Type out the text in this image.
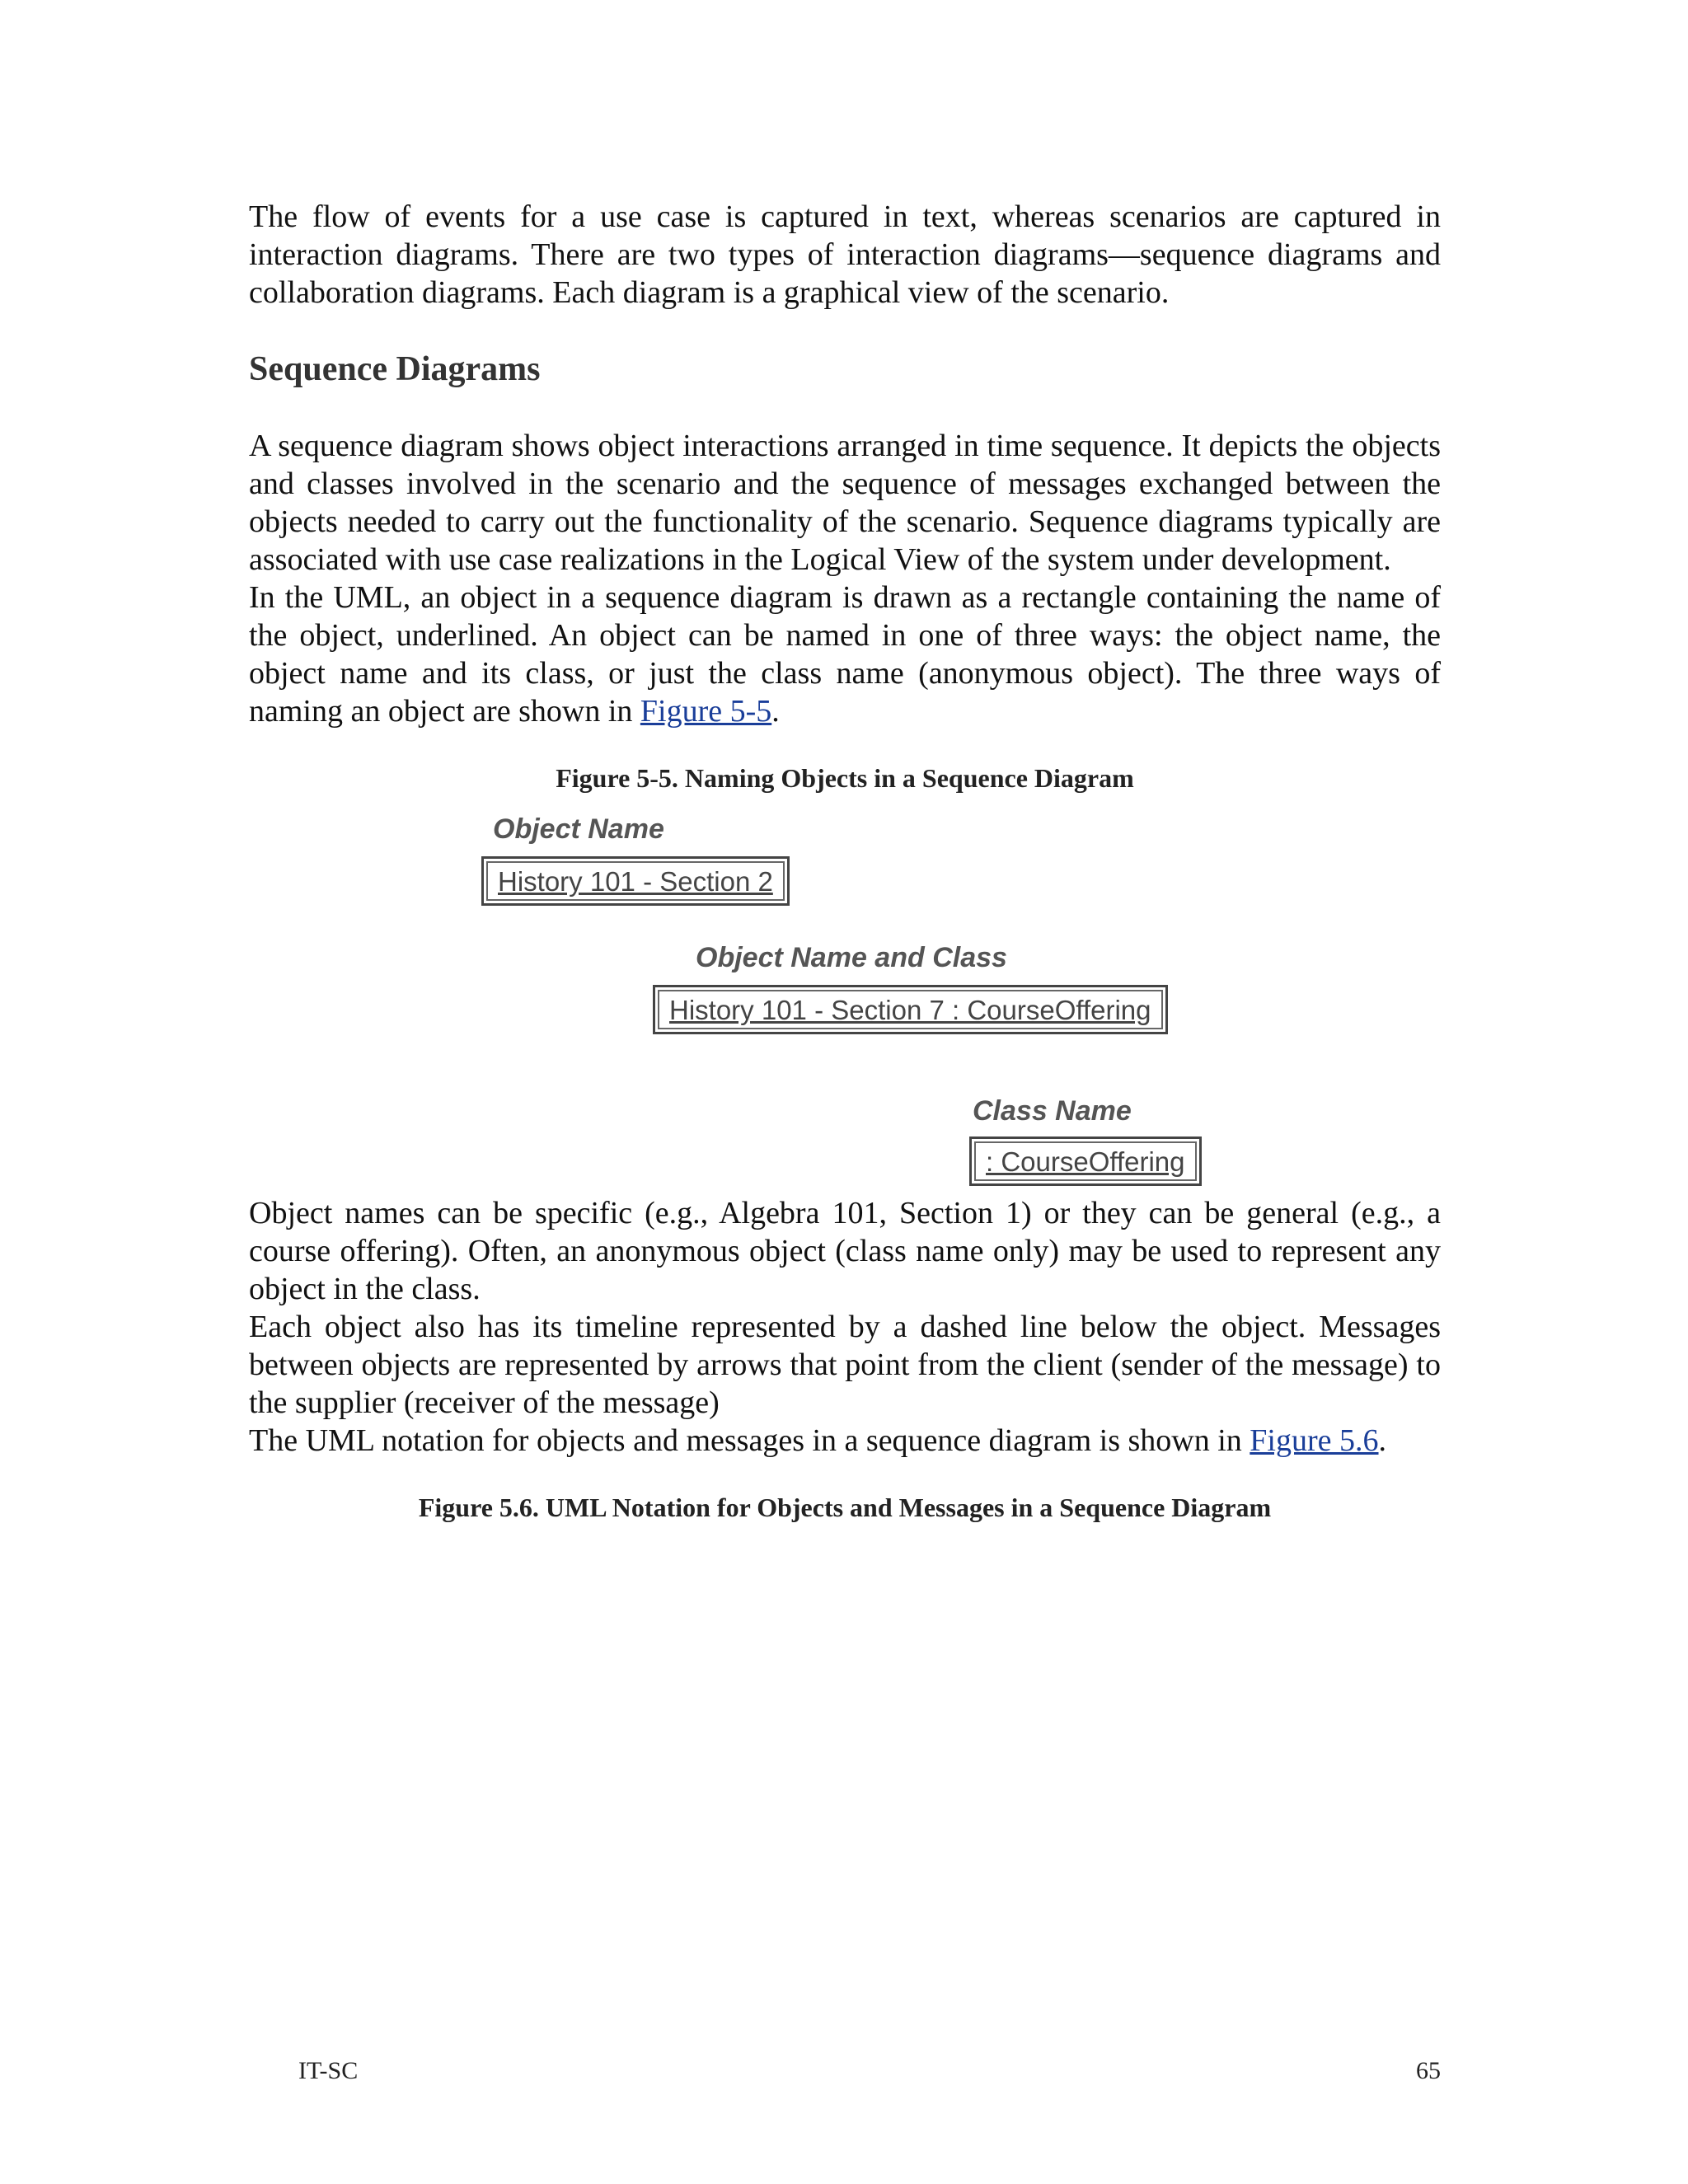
The flow of events for a use case is captured in text, whereas scenarios are captured in interaction diagrams. There are two types of interaction diagrams—sequence diagrams and collaboration diagrams. Each diagram is a graphical view of the scenario.

Sequence Diagrams

A sequence diagram shows object interactions arranged in time sequence. It depicts the objects and classes involved in the scenario and the sequence of messages exchanged between the objects needed to carry out the functionality of the scenario. Sequence diagrams typically are associated with use case realizations in the Logical View of the system under development.

In the UML, an object in a sequence diagram is drawn as a rectangle containing the name of the object, underlined. An object can be named in one of three ways: the object name, the object name and its class, or just the class name (anonymous object). The three ways of naming an object are shown in Figure 5-5.

Figure 5-5. Naming Objects in a Sequence Diagram

Object Name
History 101 - Section 2
Object Name and Class
History 101 - Section 7 : CourseOffering
Class Name
: CourseOffering

Object names can be specific (e.g., Algebra 101, Section 1) or they can be general (e.g., a course offering). Often, an anonymous object (class name only) may be used to represent any object in the class.

Each object also has its timeline represented by a dashed line below the object. Messages between objects are represented by arrows that point from the client (sender of the message) to the supplier (receiver of the message)

The UML notation for objects and messages in a sequence diagram is shown in Figure 5.6.

Figure 5.6. UML Notation for Objects and Messages in a Sequence Diagram

IT-SC	65
